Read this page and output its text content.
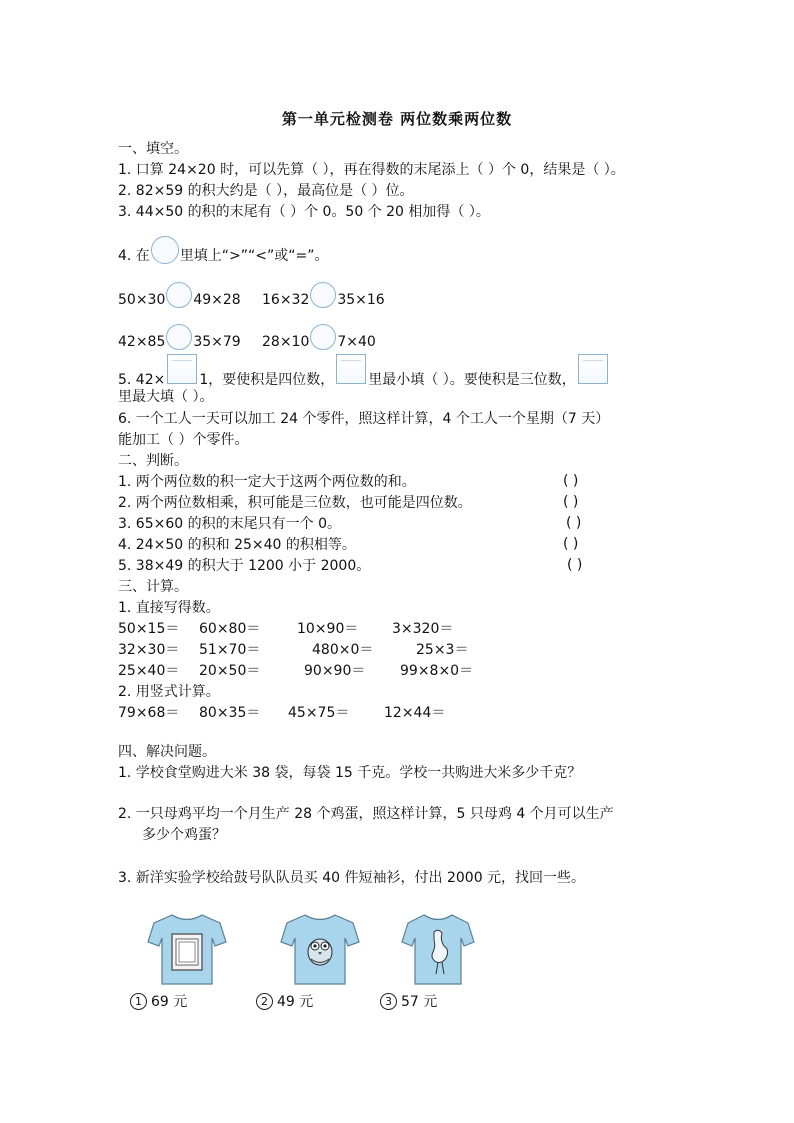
第一单元检测卷 两位数乘两位数
一、填空。
1. 口算 24×20 时，可以先算（ ），再在得数的末尾添上（ ）个 0，结果是（ ）。
2. 82×59 的积大约是（ ），最高位是（ ）位。
3. 44×50 的积的末尾有（ ）个 0。50 个 20 相加得（ ）。
4. 在 里填上“>”“<”或“=”。
50×30 49×28 16×32 35×16
42×85 35×79 28×10 7×40
5. 42× 1，要使积是四位数， 里最小填（ ）。要使积是三位数，
里最大填（ ）。
6. 一个工人一天可以加工 24 个零件，照这样计算，4 个工人一个星期（7 天）
能加工（ ）个零件。
二、判断。
1. 两个两位数的积一定大于这两个两位数的和。	( )
2. 两个两位数相乘，积可能是三位数，也可能是四位数。	( )
3. 65×60 的积的末尾只有一个 0。	( )
4. 24×50 的积和 25×40 的积相等。	( )
5. 38×49 的积大于 1200 小于 2000。	( )
三、计算。
1. 直接写得数。
50×15＝ 60×80＝	10×90＝ 3×320＝
32×30＝ 51×70＝	480×0＝	25×3＝
25×40＝ 20×50＝	90×90＝ 99×8×0＝
2. 用竖式计算。
79×68＝ 80×35＝ 45×75＝ 12×44＝
四、解决问题。
1. 学校食堂购进大米 38 袋，每袋 15 千克。学校一共购进大米多少千克？
2. 一只母鸡平均一个月生产 28 个鸡蛋，照这样计算，5 只母鸡 4 个月可以生产
多少个鸡蛋？
3. 新洋实验学校给鼓号队队员买 40 件短袖衫，付出 2000 元，找回一些。
1 69 元	2 49 元	3 57 元
